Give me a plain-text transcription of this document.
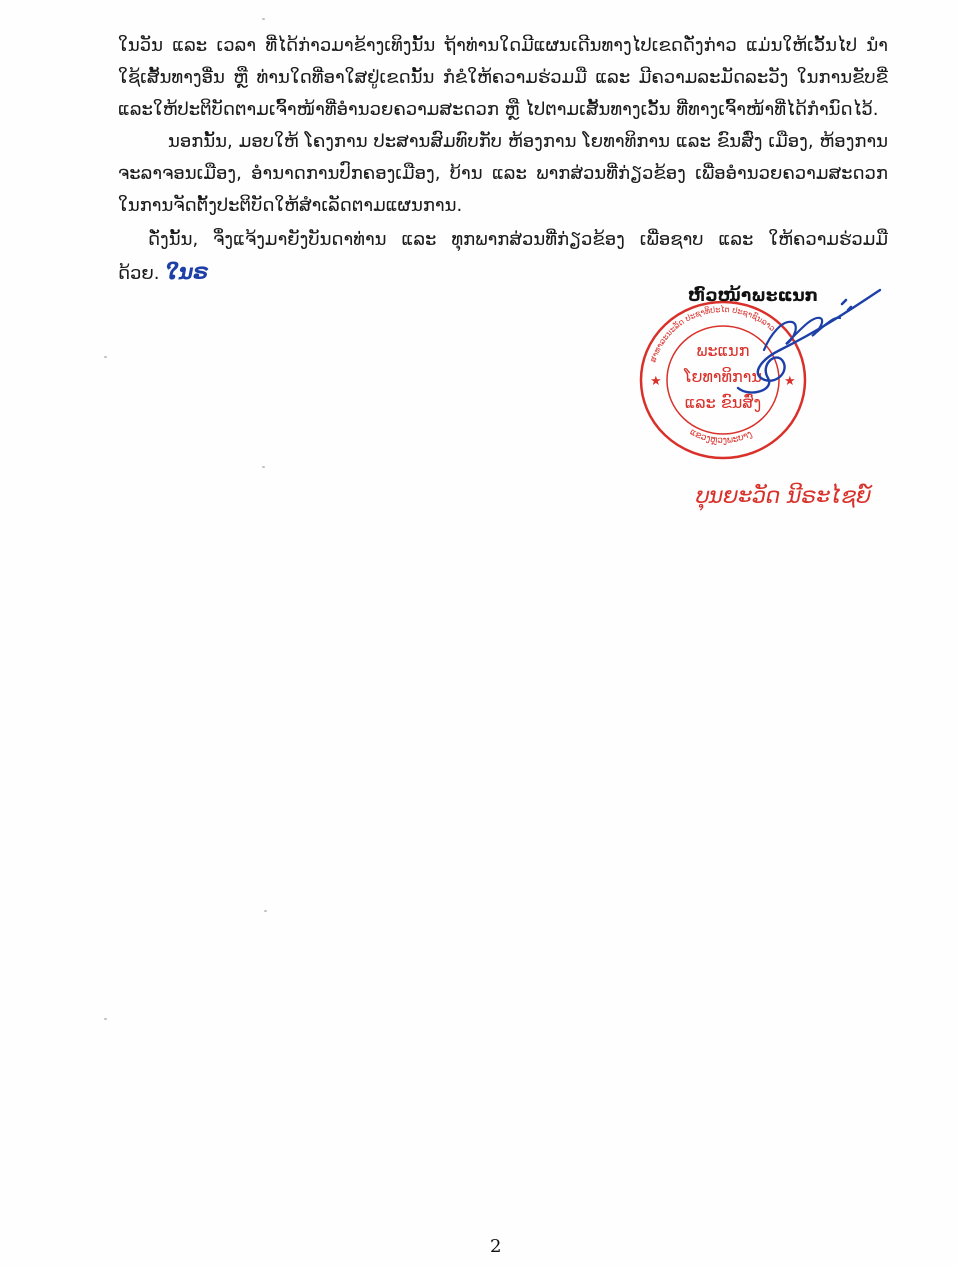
ໃນວັນ ແລະ ເວລາ ທີ່ໄດ້ກ່າວມາຂ້າງເທິງນັ້ນ ຖ້າທ່ານໃດມີແຜນເດີນທາງໄປເຂດດັ່ງກ່າວ ແມ່ນໃຫ້ເວັ້ນໄປ ນໍາໃຊ້ເສັ້ນທາງອື່ນ ຫຼື ທ່ານໃດທີ່ອາໃສຢູ່ເຂດນັ້ນ ກໍຂໍໃຫ້ຄວາມຮ່ວມມື ແລະ ມີຄວາມລະມັດລະວັງ ໃນການຂັບຂີ່ແລະໃຫ້ປະຕິບັດຕາມເຈົ້າໜ້າທີ່ອໍານວຍຄວາມສະດວກ ຫຼື ໄປຕາມເສັ້ນທາງເວັ້ນ ທີ່ທາງເຈົ້າໜ້າທີ່ໄດ້ກໍານົດໄວ້.

ນອກນັ້ນ, ມອບໃຫ້ ໂຄງການ ປະສານສົມທົບກັບ ຫ້ອງການ ໂຍທາທິການ ແລະ ຂົນສົ່ງ ເມືອງ, ຫ້ອງການຈະລາຈອນເມືອງ, ອໍານາດການປົກຄອງເມືອງ, ບ້ານ ແລະ ພາກສ່ວນທີ່ກ່ຽວຂ້ອງ ເພື່ອອໍານວຍຄວາມສະດວກ ໃນການຈັດຕັ້ງປະຕິບັດໃຫ້ສໍາເລັດຕາມແຜນການ.

ດັ່ງນັ້ນ, ຈຶ່ງແຈ້ງມາຍັງບັນດາທ່ານ ແລະ ທຸກພາກສ່ວນທີ່ກ່ຽວຂ້ອງ ເພື່ອຊາບ ແລະ ໃຫ້ຄວາມຮ່ວມມືດ້ວຍ. ໃນຣ

ຫົວໜ້າພະແນກ
ສາທາລະນະລັດ ປະຊາທິປະໄຕ ປະຊາຊົນລາວ
ແຂວງຫຼວງພະບາງ
★	★
ພະແນກ
ໂຍທາທິການ
ແລະ ຂົນສົ່ງ
ບຸນຍະວັດ ນີຣະໄຊຍ໌
2
